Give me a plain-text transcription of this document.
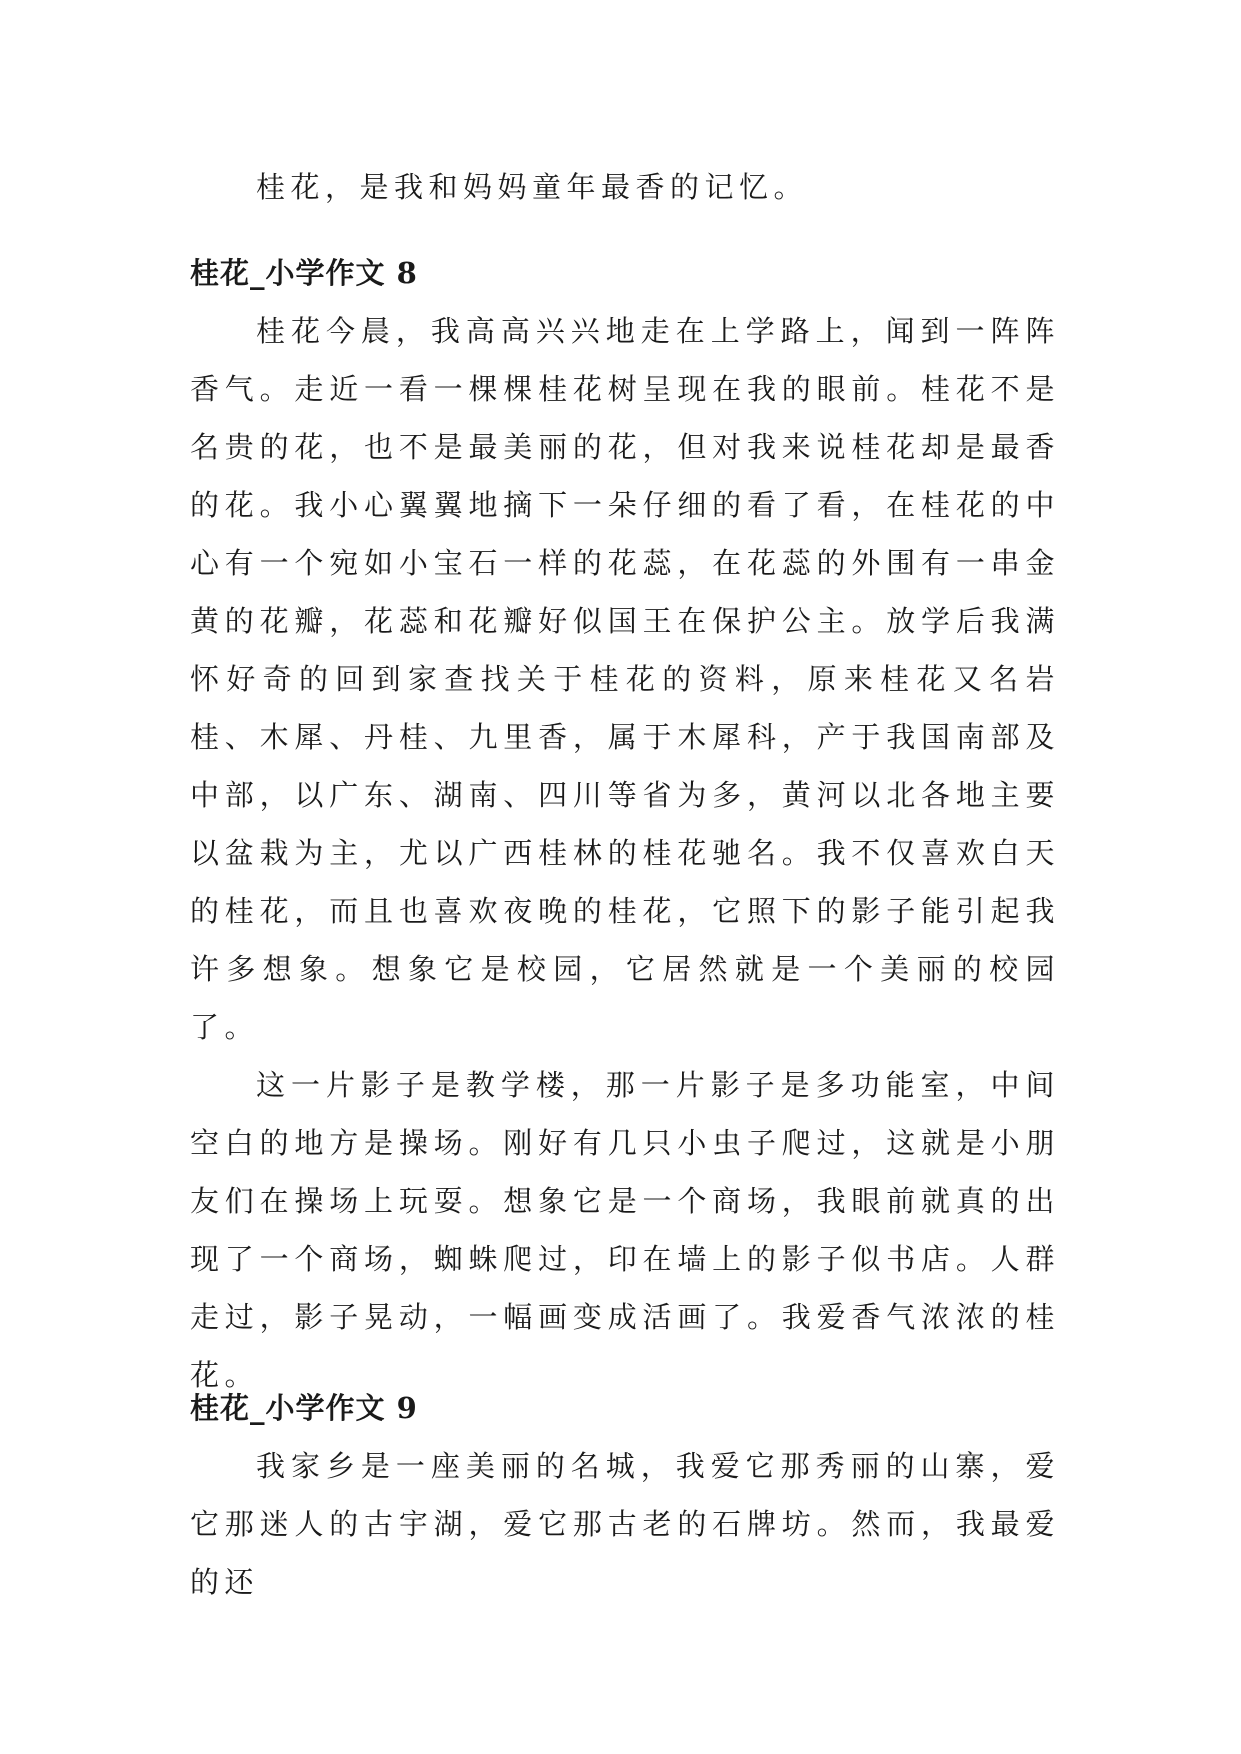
桂花，是我和妈妈童年最香的记忆。

桂花_小学作文 8

桂花今晨，我高高兴兴地走在上学路上，闻到一阵阵香气。走近一看一棵棵桂花树呈现在我的眼前。桂花不是名贵的花，也不是最美丽的花，但对我来说桂花却是最香的花。我小心翼翼地摘下一朵仔细的看了看，在桂花的中心有一个宛如小宝石一样的花蕊，在花蕊的外围有一串金黄的花瓣，花蕊和花瓣好似国王在保护公主。放学后我满怀好奇的回到家查找关于桂花的资料，原来桂花又名岩桂、木犀、丹桂、九里香，属于木犀科，产于我国南部及中部，以广东、湖南、四川等省为多，黄河以北各地主要以盆栽为主，尤以广西桂林的桂花驰名。我不仅喜欢白天的桂花，而且也喜欢夜晚的桂花，它照下的影子能引起我许多想象。想象它是校园，它居然就是一个美丽的校园了。

这一片影子是教学楼，那一片影子是多功能室，中间空白的地方是操场。刚好有几只小虫子爬过，这就是小朋友们在操场上玩耍。想象它是一个商场，我眼前就真的出现了一个商场，蜘蛛爬过，印在墙上的影子似书店。人群走过，影子晃动，一幅画变成活画了。我爱香气浓浓的桂花。

桂花_小学作文 9

我家乡是一座美丽的名城，我爱它那秀丽的山寨，爱它那迷人的古宇湖，爱它那古老的石牌坊。然而，我最爱的还
